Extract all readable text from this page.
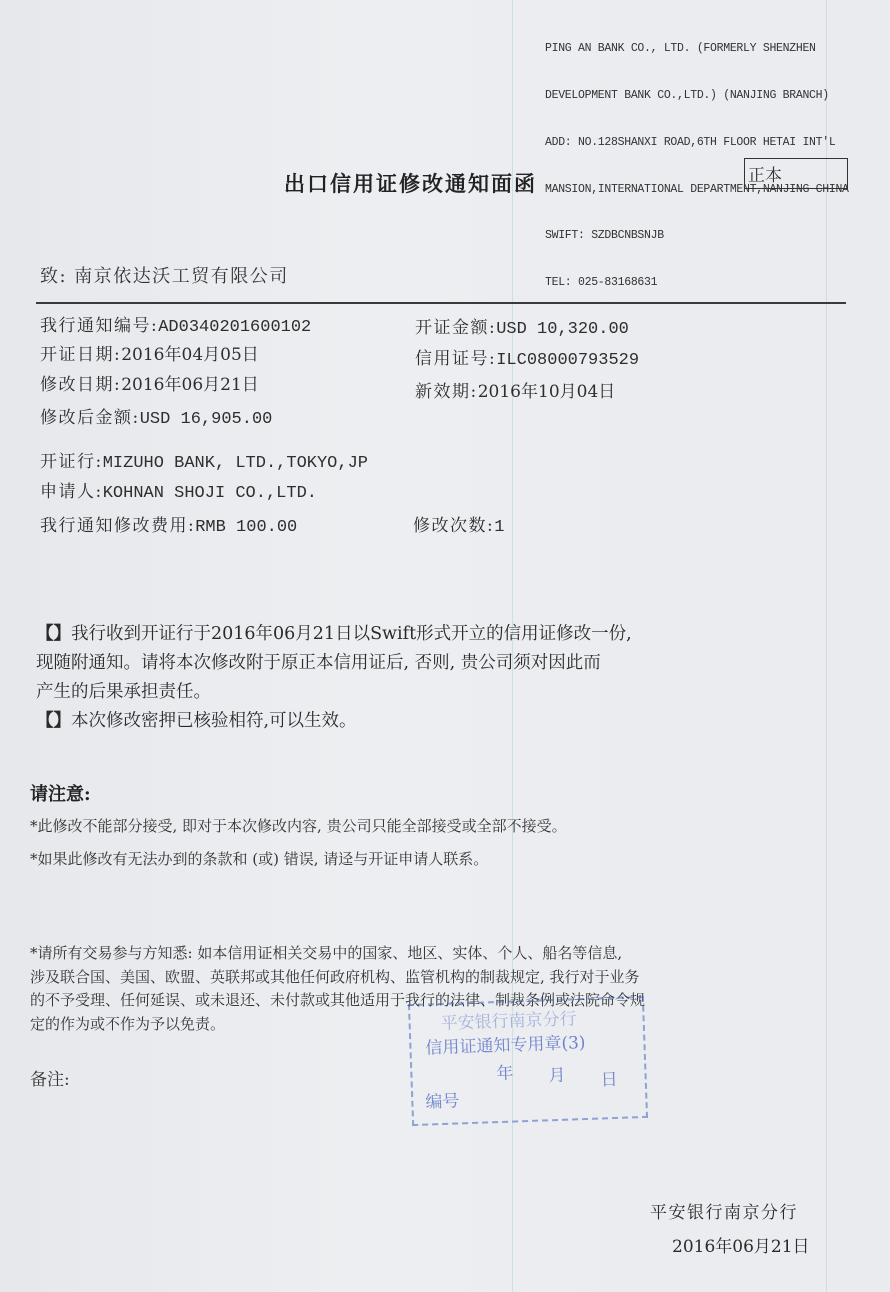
PING AN BANK CO., LTD. (FORMERLY SHENZHEN

DEVELOPMENT BANK CO.,LTD.) (NANJING BRANCH)

ADD: NO.128SHANXI ROAD,6TH FLOOR HETAI INT'L

MANSION,INTERNATIONAL DEPARTMENT,NANJING CHINA

SWIFT: SZDBCNBSNJB

TEL: 025-83168631

出口信用证修改通知面函	正本
致: 南京依达沃工贸有限公司
我行通知编号:AD0340201600102
开证日期:2016年04月05日
修改日期:2016年06月21日
修改后金额:USD 16,905.00
开证金额:USD 10,320.00
信用证号:ILC08000793529
新效期:2016年10月04日
开证行:MIZUHO BANK, LTD.,TOKYO,JP
申请人:KOHNAN SHOJI CO.,LTD.
我行通知修改费用:RMB 100.00	修改次数:1
【】我行收到开证行于2016年06月21日以Swift形式开立的信用证修改一份,
现随附通知。请将本次修改附于原正本信用证后, 否则, 贵公司须对因此而
产生的后果承担责任。
【】本次修改密押已核验相符,可以生效。
请注意:
*此修改不能部分接受, 即对于本次修改内容, 贵公司只能全部接受或全部不接受。
*如果此修改有无法办到的条款和 (或) 错误, 请迳与开证申请人联系。
*请所有交易参与方知悉: 如本信用证相关交易中的国家、地区、实体、个人、船名等信息,
涉及联合国、美国、欧盟、英联邦或其他任何政府机构、监管机构的制裁规定, 我行对于业务
的不予受理、任何延误、或未退还、未付款或其他适用于我行的法律、制裁条例或法院命令规
定的作为或不作为予以免责。
备注:
平安银行南京分行
信用证通知专用章(3)
年 月 日
编号
平安银行南京分行
2016年06月21日
